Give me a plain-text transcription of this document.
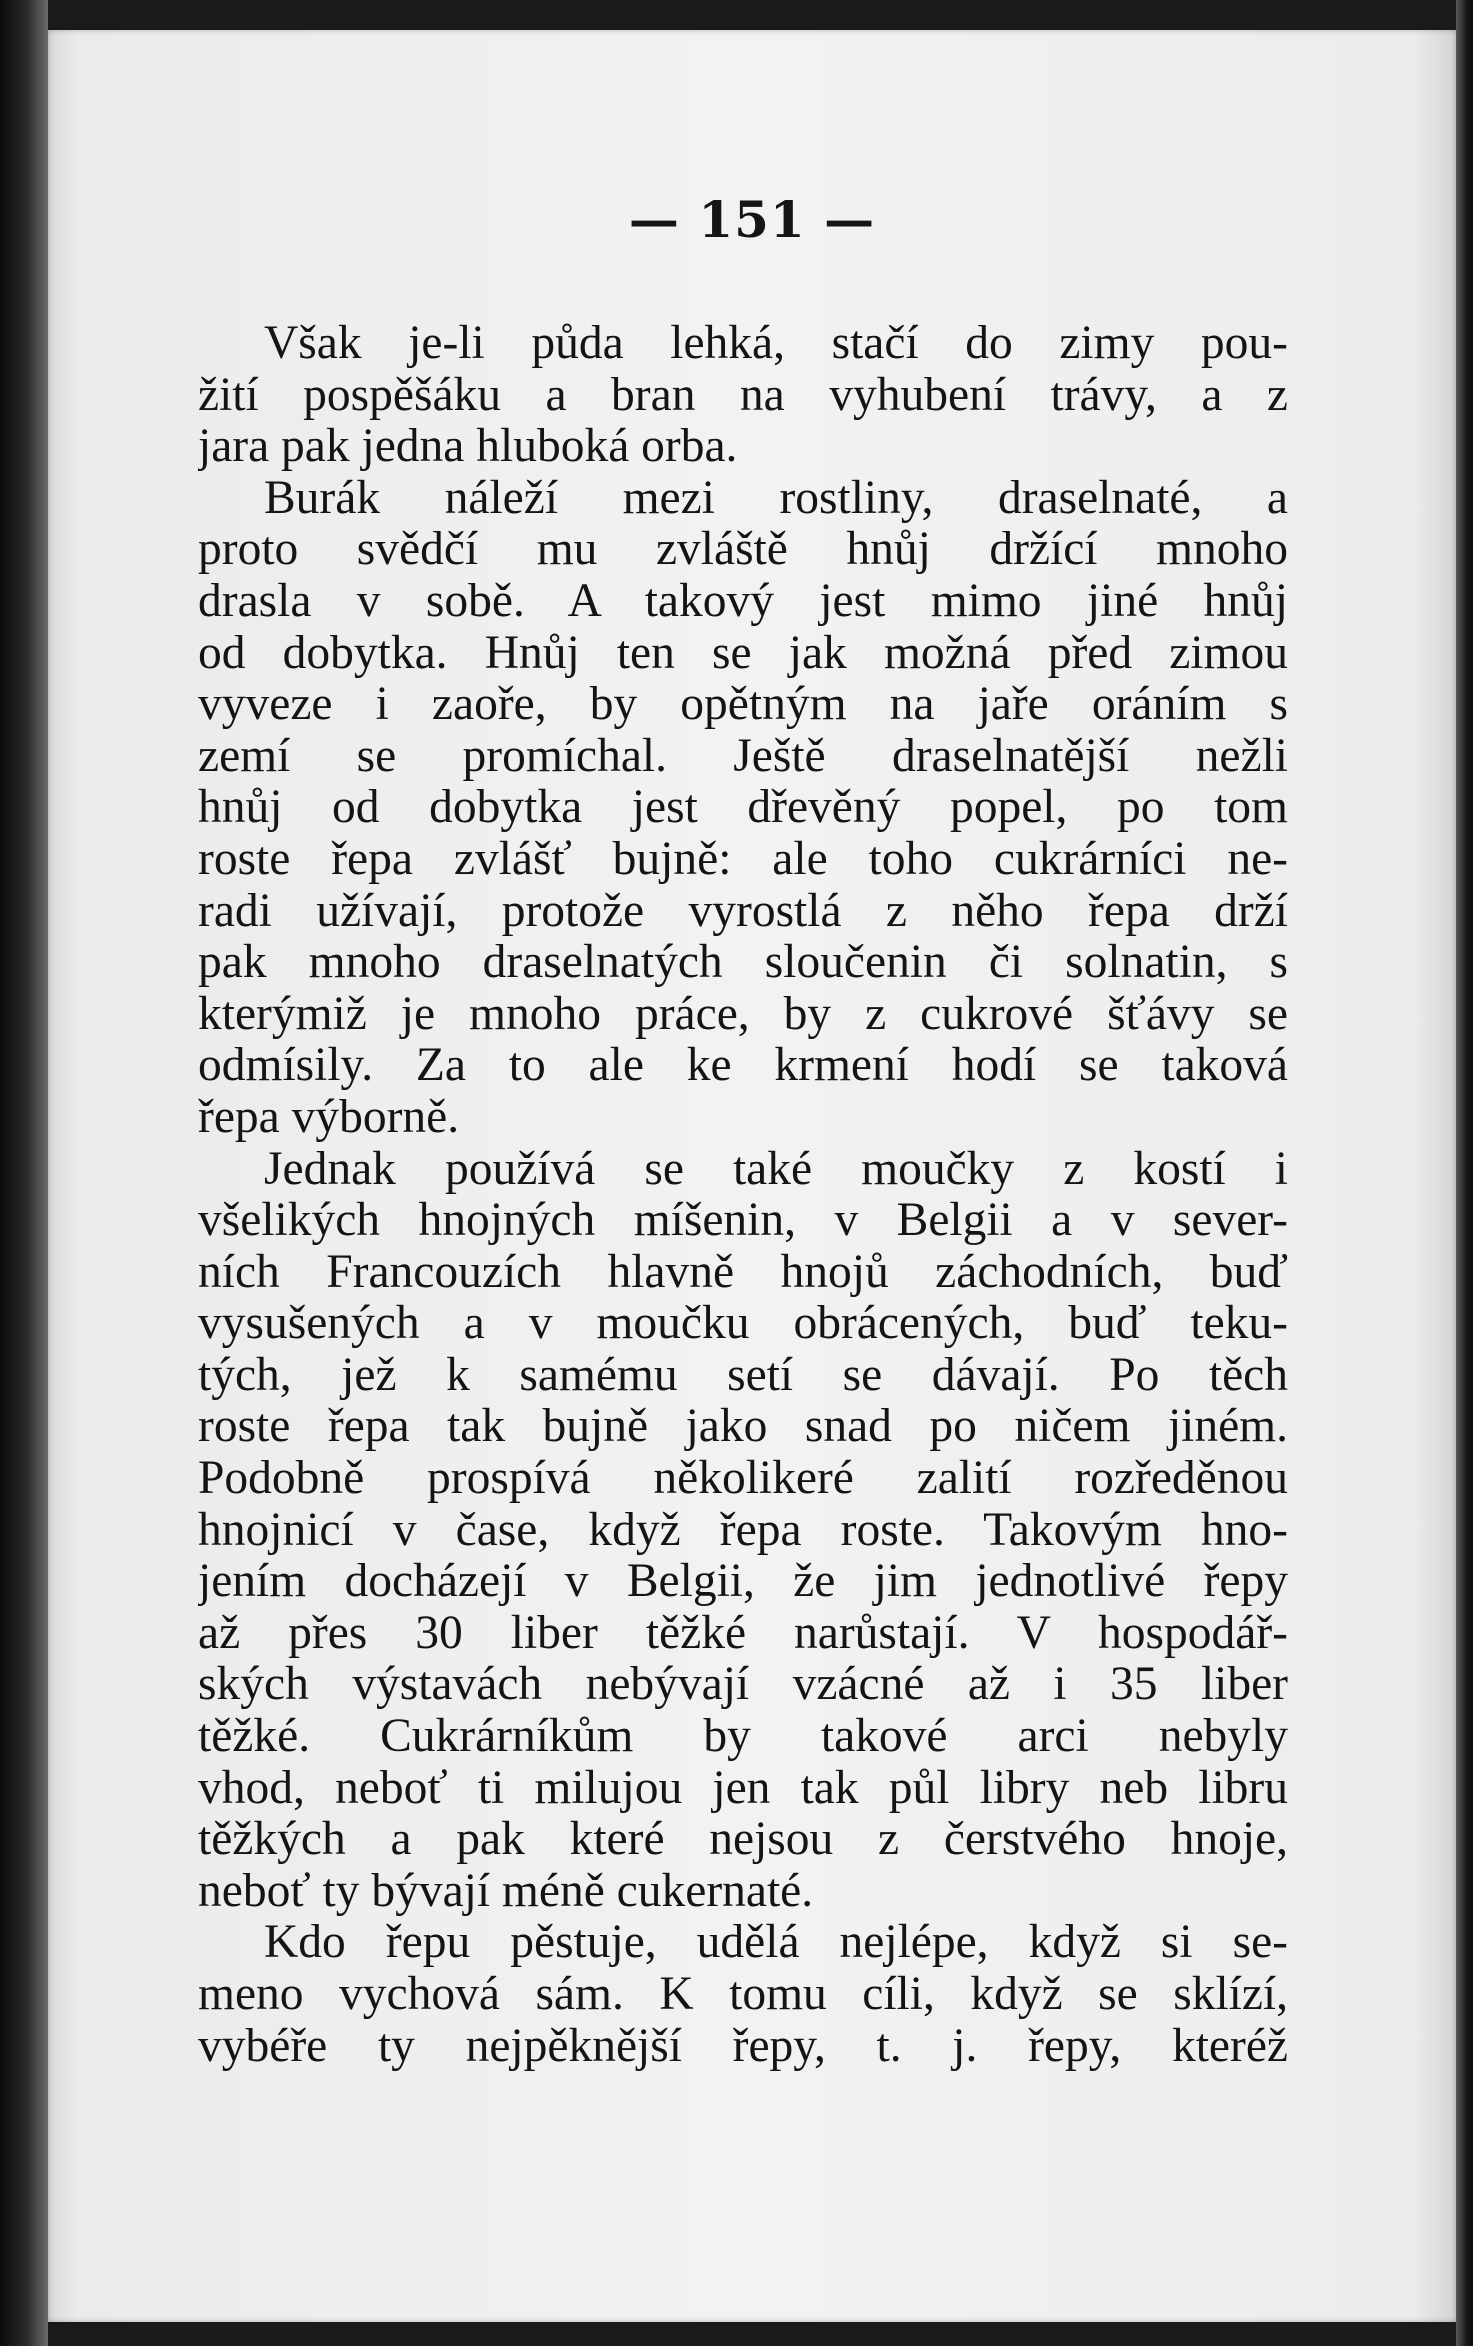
— 151 —
Však je-li půda lehká, stačí do zimy pou-
žití pospěšáku a bran na vyhubení trávy, a z
jara pak jedna hluboká orba.
Burák náleží mezi rostliny, draselnaté, a
proto svědčí mu zvláště hnůj držící mnoho
drasla v sobě. A takový jest mimo jiné hnůj
od dobytka. Hnůj ten se jak možná před zimou
vyveze i zaoře, by opětným na jaře oráním s
zemí se promíchal. Ještě draselnatější nežli
hnůj od dobytka jest dřevěný popel, po tom
roste řepa zvlášť bujně: ale toho cukrárníci ne-
radi užívají, protože vyrostlá z něho řepa drží
pak mnoho draselnatých sloučenin či solnatin, s
kterýmiž je mnoho práce, by z cukrové šťávy se
odmísily. Za to ale ke krmení hodí se taková
řepa výborně.
Jednak používá se také moučky z kostí i
všelikých hnojných míšenin, v Belgii a v sever-
ních Francouzích hlavně hnojů záchodních, buď
vysušených a v moučku obrácených, buď teku-
tých, jež k samému setí se dávají. Po těch
roste řepa tak bujně jako snad po ničem jiném.
Podobně prospívá několikeré zalití rozředěnou
hnojnicí v čase, když řepa roste. Takovým hno-
jením docházejí v Belgii, že jim jednotlivé řepy
až přes 30 liber těžké narůstají. V hospodář-
ských výstavách nebývají vzácné až i 35 liber
těžké. Cukrárníkům by takové arci nebyly
vhod, neboť ti milujou jen tak půl libry neb libru
těžkých a pak které nejsou z čerstvého hnoje,
neboť ty bývají méně cukernaté.
Kdo řepu pěstuje, udělá nejlépe, když si se-
meno vychová sám. K tomu cíli, když se sklízí,
vybéře ty nejpěknější řepy, t. j. řepy, kteréž
